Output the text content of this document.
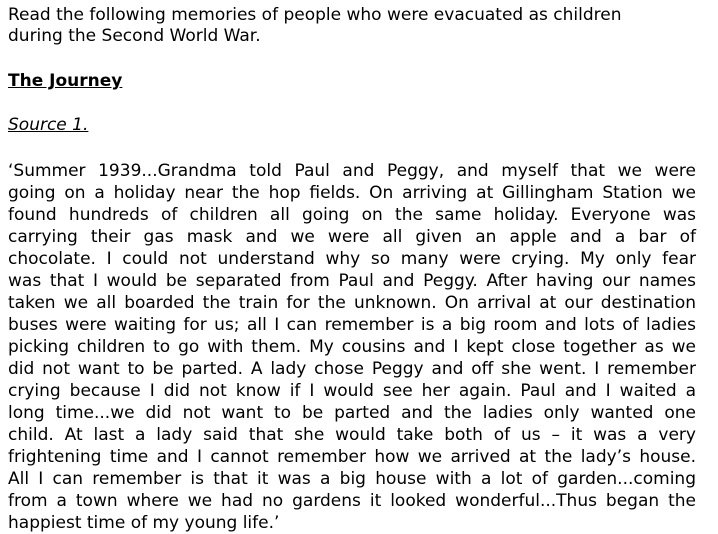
Read the following memories of people who were evacuated as children
during the Second World War.

The Journey

Source 1.

‘Summer 1939...Grandma told Paul and Peggy, and myself that we were
going on a holiday near the hop fields. On arriving at Gillingham Station we
found hundreds of children all going on the same holiday. Everyone was
carrying their gas mask and we were all given an apple and a bar of
chocolate. I could not understand why so many were crying. My only fear
was that I would be separated from Paul and Peggy. After having our names
taken we all boarded the train for the unknown. On arrival at our destination
buses were waiting for us; all I can remember is a big room and lots of ladies
picking children to go with them. My cousins and I kept close together as we
did not want to be parted. A lady chose Peggy and off she went. I remember
crying because I did not know if I would see her again. Paul and I waited a
long time...we did not want to be parted and the ladies only wanted one
child. At last a lady said that she would take both of us – it was a very
frightening time and I cannot remember how we arrived at the lady’s house.
All I can remember is that it was a big house with a lot of garden...coming
from a town where we had no gardens it looked wonderful...Thus began the
happiest time of my young life.’
